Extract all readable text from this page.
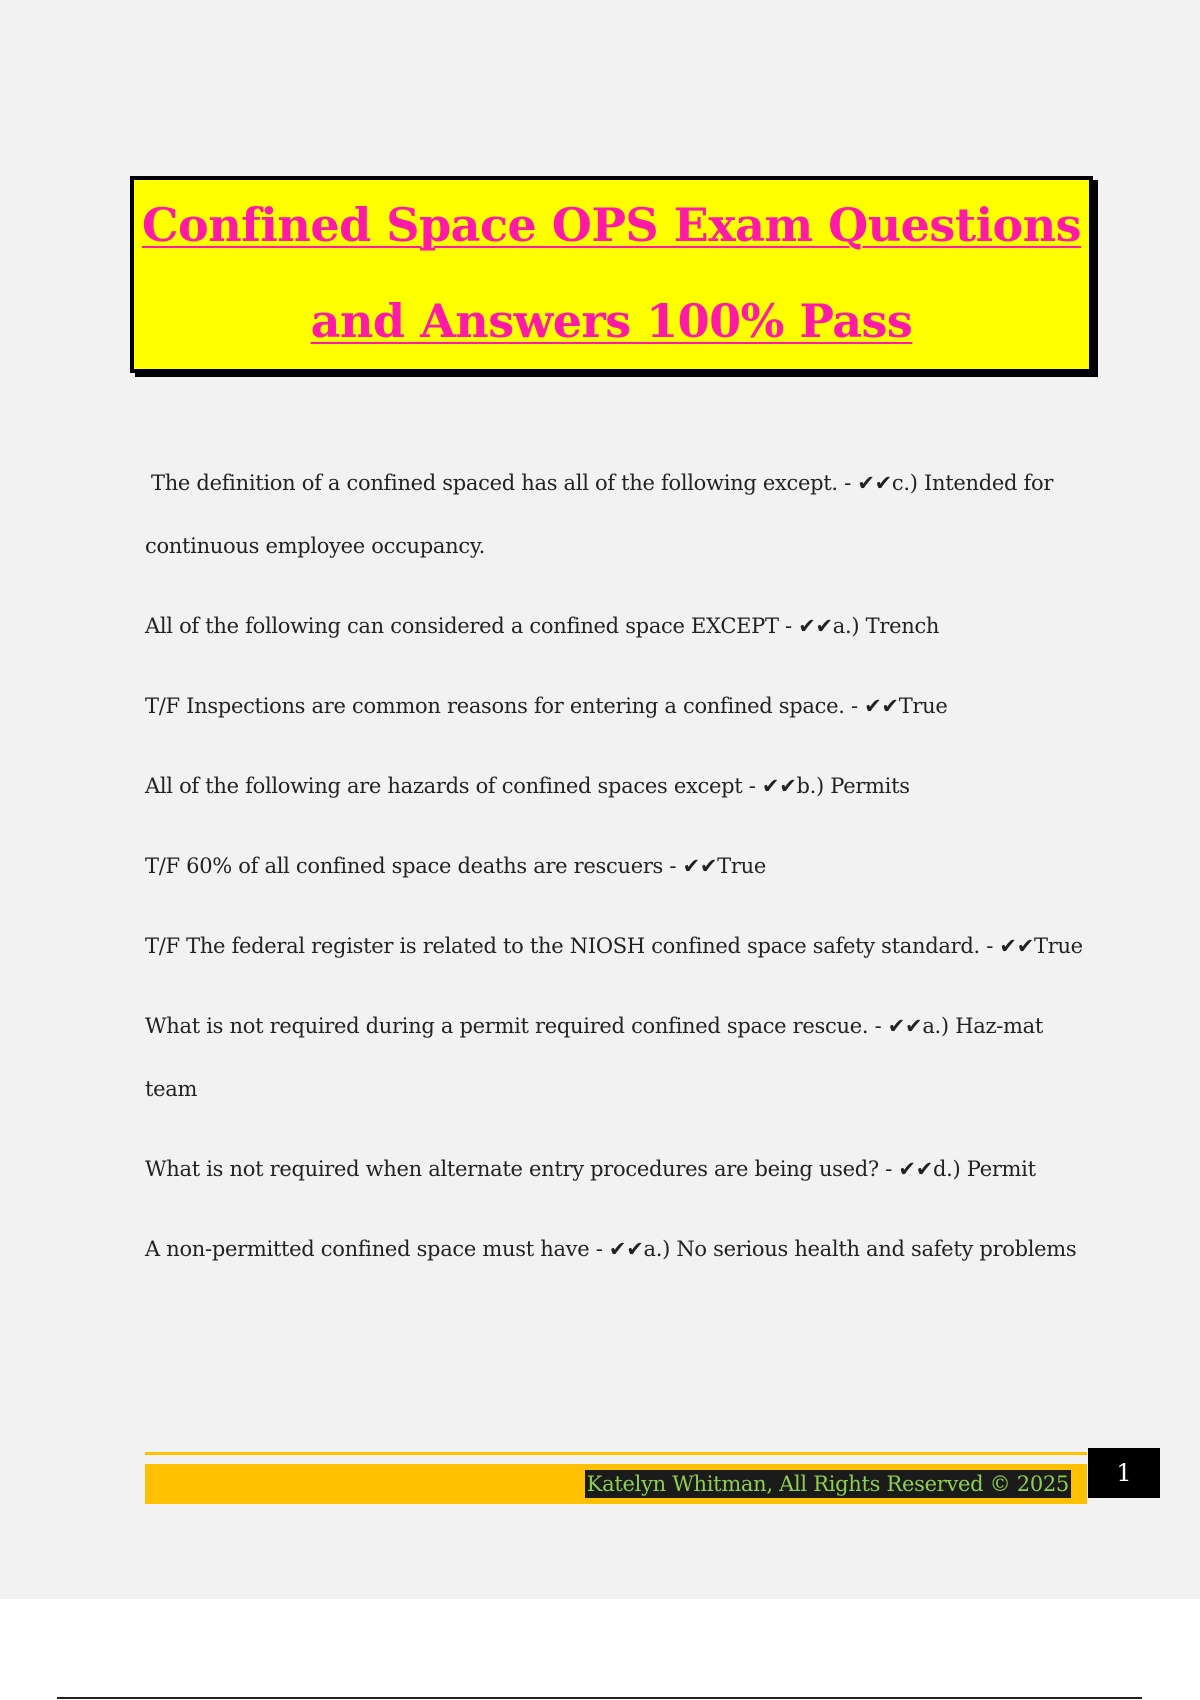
Confined Space OPS Exam Questions
and Answers 100% Pass
The definition of a confined spaced has all of the following except. - ✔✔c.) Intended for continuous employee occupancy.
All of the following can considered a confined space EXCEPT - ✔✔a.) Trench
T/F Inspections are common reasons for entering a confined space. - ✔✔True
All of the following are hazards of confined spaces except - ✔✔b.) Permits
T/F 60% of all confined space deaths are rescuers - ✔✔True
T/F The federal register is related to the NIOSH confined space safety standard. - ✔✔True
What is not required during a permit required confined space rescue. - ✔✔a.) Haz-mat team
What is not required when alternate entry procedures are being used? - ✔✔d.) Permit
A non-permitted confined space must have - ✔✔a.) No serious health and safety problems
Katelyn Whitman, All Rights Reserved © 2025	1
